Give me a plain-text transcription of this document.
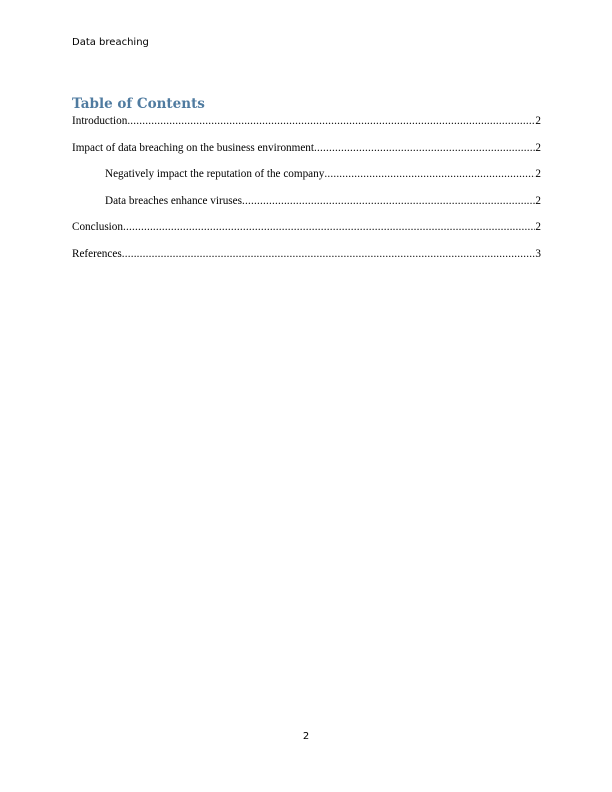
Data breaching
Table of Contents
Introduction .....	2
Impact of data breaching on the business environment .....	2
Negatively impact the reputation of the company .....	2
Data breaches enhance viruses .....	2
Conclusion .....	2
References .....	3
2
